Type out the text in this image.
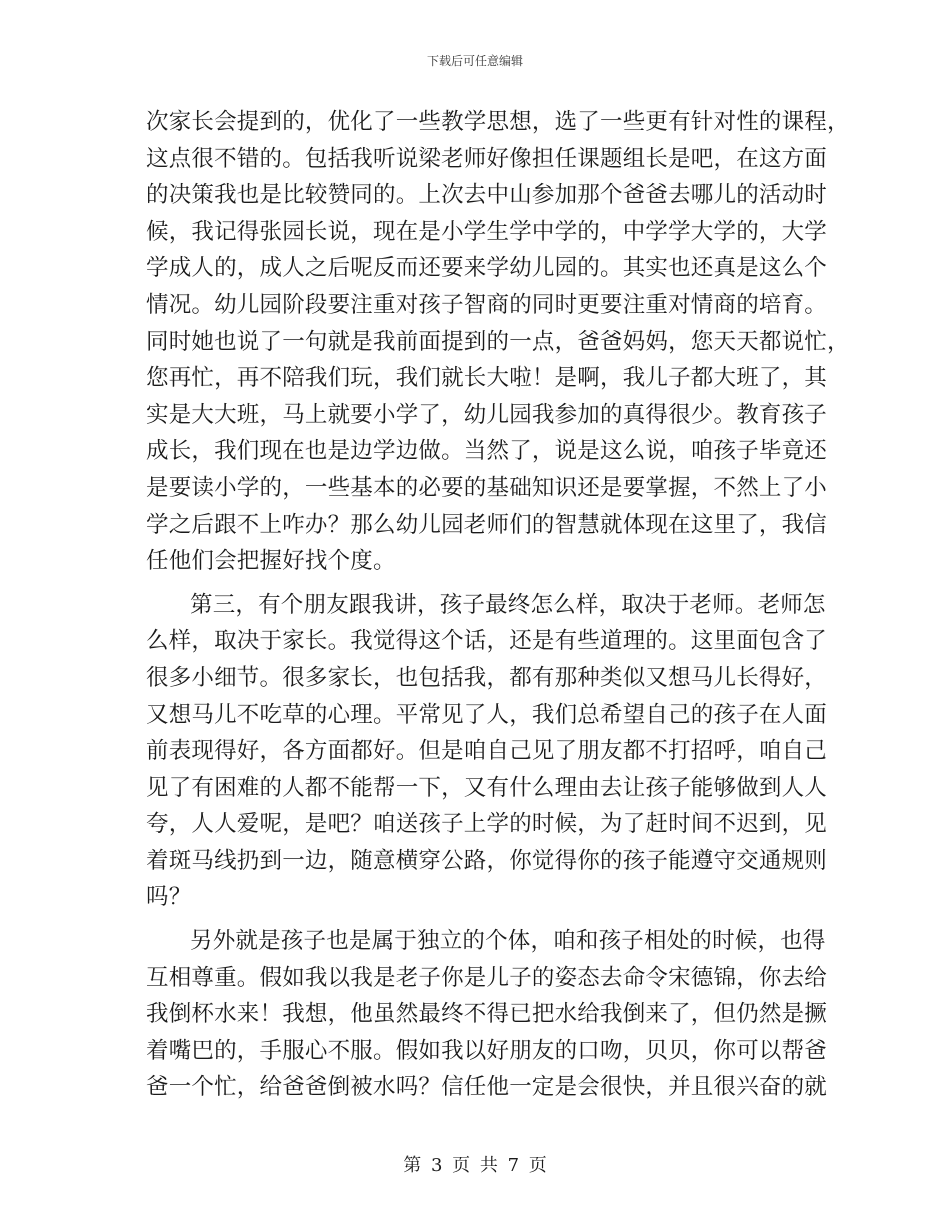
下载后可任意编辑
次家长会提到的，优化了一些教学思想，选了一些更有针对性的课程，
这点很不错的。包括我听说梁老师好像担任课题组长是吧，在这方面
的决策我也是比较赞同的。上次去中山参加那个爸爸去哪儿的活动时
候，我记得张园长说，现在是小学生学中学的，中学学大学的，大学
学成人的，成人之后呢反而还要来学幼儿园的。其实也还真是这么个
情况。幼儿园阶段要注重对孩子智商的同时更要注重对情商的培育。
同时她也说了一句就是我前面提到的一点，爸爸妈妈，您天天都说忙，
您再忙，再不陪我们玩，我们就长大啦！是啊，我儿子都大班了，其
实是大大班，马上就要小学了，幼儿园我参加的真得很少。教育孩子
成长，我们现在也是边学边做。当然了，说是这么说，咱孩子毕竟还
是要读小学的，一些基本的必要的基础知识还是要掌握，不然上了小
学之后跟不上咋办？那么幼儿园老师们的智慧就体现在这里了，我信
任他们会把握好找个度。
第三，有个朋友跟我讲，孩子最终怎么样，取决于老师。老师怎
么样，取决于家长。我觉得这个话，还是有些道理的。这里面包含了
很多小细节。很多家长，也包括我，都有那种类似又想马儿长得好，
又想马儿不吃草的心理。平常见了人，我们总希望自己的孩子在人面
前表现得好，各方面都好。但是咱自己见了朋友都不打招呼，咱自己
见了有困难的人都不能帮一下，又有什么理由去让孩子能够做到人人
夸，人人爱呢，是吧？咱送孩子上学的时候，为了赶时间不迟到，见
着斑马线扔到一边，随意横穿公路，你觉得你的孩子能遵守交通规则
吗？
另外就是孩子也是属于独立的个体，咱和孩子相处的时候，也得
互相尊重。假如我以我是老子你是儿子的姿态去命令宋德锦，你去给
我倒杯水来！我想，他虽然最终不得已把水给我倒来了，但仍然是撅
着嘴巴的，手服心不服。假如我以好朋友的口吻，贝贝，你可以帮爸
爸一个忙，给爸爸倒被水吗？信任他一定是会很快，并且很兴奋的就
第 3 页 共 7 页
